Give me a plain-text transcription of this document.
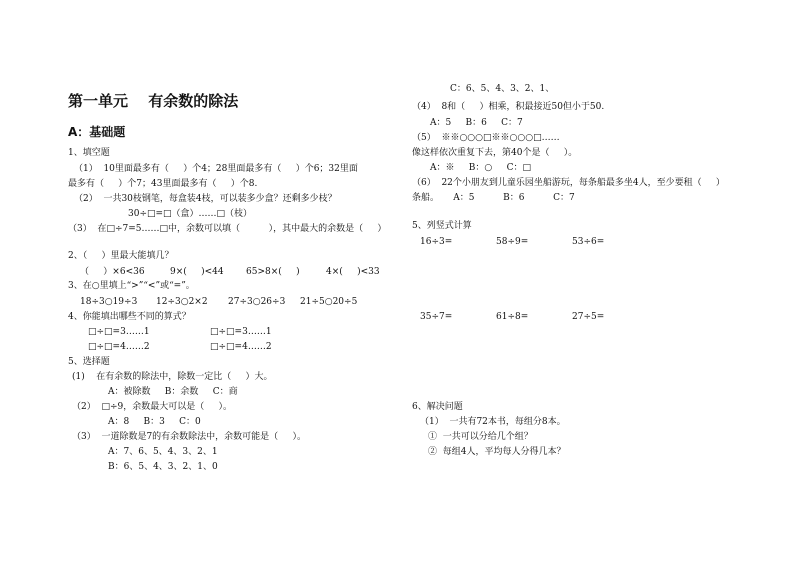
第一单元　 有余数的除法
A：基础题
1、填空题
（1）  10里面最多有（     ）个4；28里面最多有（     ）个6；32里面
最多有（     ）个7；43里面最多有（     ）个8.
（2）  一共30枝钢笔，每盒装4枝，可以装多少盒？还剩多少枝？
30÷□=□（盒）……□（枝）
（3）  在□÷7=5……□中，余数可以填（          ），其中最大的余数是（     ）
2、（     ）里最大能填几？
（     ）×6<36	9×(     )<44 65>8×(     )	4×(     )<33
3、在○里填上“>”“<”或“=”。
18÷3○19÷3 12÷3○2×2 27÷3○26÷3 21÷5○20÷5
4、你能填出哪些不同的算式？
□÷□=3……1	□÷□=3……1
□÷□=4……2	□÷□=4……2
5、选择题
(1)    在有余数的除法中，除数一定比（     ）大。
A：被除数     B：余数     C：商
（2）  □÷9，余数最大可以是（     ）。
A：8     B：3     C：0
（3）  一道除数是7的有余数除法中，余数可能是（     ）。
A：7、6、5、4、3、2、1
B：6、5、4、3、2、1、0
C：6、5、4、3、2、1、
（4）  8和（     ）相乘，积最接近50但小于50.
A：5     B：6     C：7
（5）  ※※○○○□※※○○○□……
像这样依次重复下去，第40个是（     ）。
A：※     B：○     C：□
（6）  22个小朋友到儿童乐园坐船游玩，每条船最多坐4人，至少要租（     ）
条船。     A：5          B：6          C：7
5、列竖式计算
16÷3=	58÷9=	53÷6=
35÷7=	61÷8=	27÷5=
6、解决问题
（1）  一共有72本书，每组分8本。
①  一共可以分给几个组？
②  每组4人，平均每人分得几本？
